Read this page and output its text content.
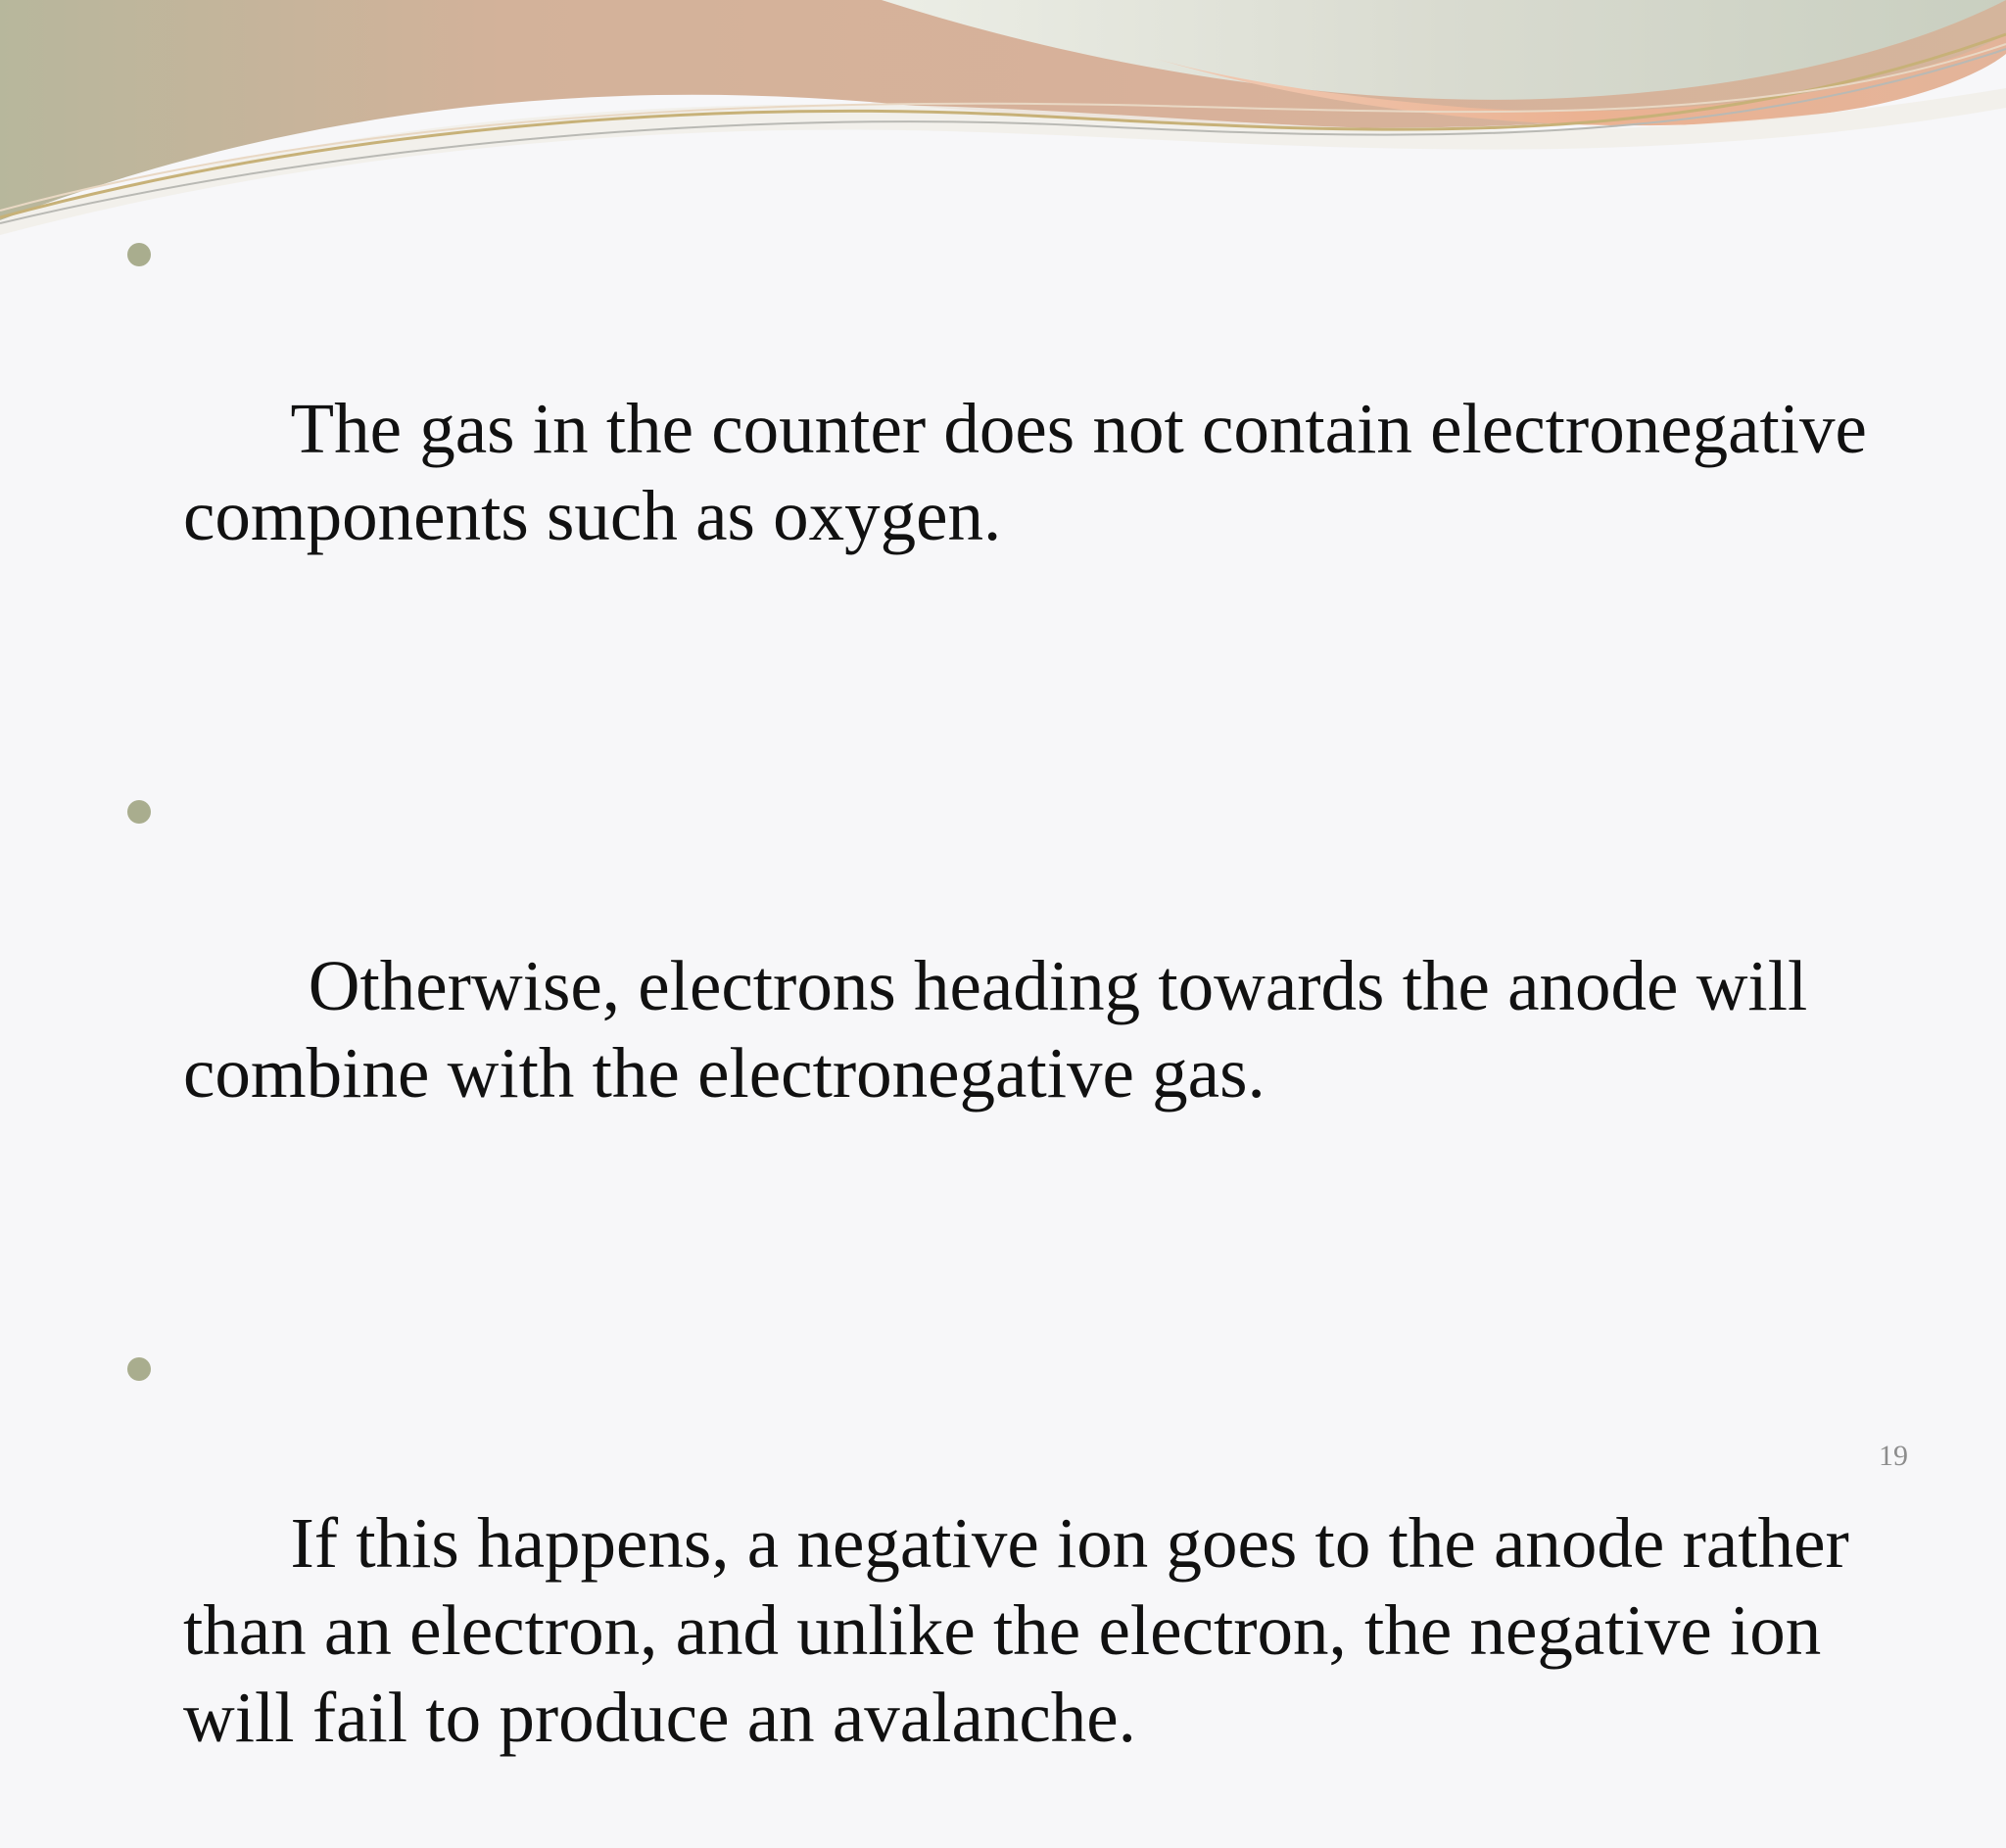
The gas in the counter does not contain electronegative components such as oxygen.

Otherwise, electrons heading towards the anode will combine with the electronegative gas.

If this happens, a negative ion goes to the anode rather than an electron, and unlike the electron, the negative ion will fail to produce an avalanche.

19
